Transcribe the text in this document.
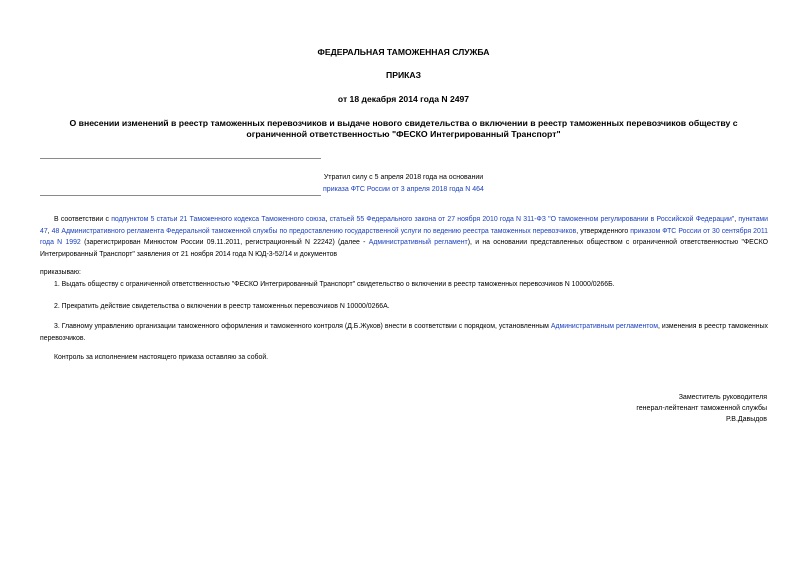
ФЕДЕРАЛЬНАЯ ТАМОЖЕННАЯ СЛУЖБА
ПРИКАЗ
от 18 декабря 2014 года N 2497
О внесении изменений в реестр таможенных перевозчиков и выдаче нового свидетельства о включении в реестр таможенных перевозчиков обществу с ограниченной ответственностью "ФЕСКО Интегрированный Транспорт"
Утратил силу с 5 апреля 2018 года на основании
приказа ФТС России от 3 апреля 2018 года N 464
В соответствии с подпунктом 5 статьи 21 Таможенного кодекса Таможенного союза, статьей 55 Федерального закона от 27 ноября 2010 года N 311-ФЗ "О таможенном регулировании в Российской Федерации", пунктами 47, 48 Административного регламента Федеральной таможенной службы по предоставлению государственной услуги по ведению реестра таможенных перевозчиков, утвержденного приказом ФТС России от 30 сентября 2011 года N 1992 (зарегистрирован Минюстом России 09.11.2011, регистрационный N 22242) (далее - Административный регламент), и на основании представленных обществом с ограниченной ответственностью "ФЕСКО Интегрированный Транспорт" заявления от 21 ноября 2014 года N ЮД-3-52/14 и документов
приказываю:
1. Выдать обществу с ограниченной ответственностью "ФЕСКО Интегрированный Транспорт" свидетельство о включении в реестр таможенных перевозчиков N 10000/0266Б.
2. Прекратить действие свидетельства о включении в реестр таможенных перевозчиков N 10000/0266А.
3. Главному управлению организации таможенного оформления и таможенного контроля (Д.Б.Жуков) внести в соответствии с порядком, установленным Административным регламентом, изменения в реестр таможенных перевозчиков.
Контроль за исполнением настоящего приказа оставляю за собой.
Заместитель руководителя
генерал-лейтенант таможенной службы
Р.В.Давыдов
